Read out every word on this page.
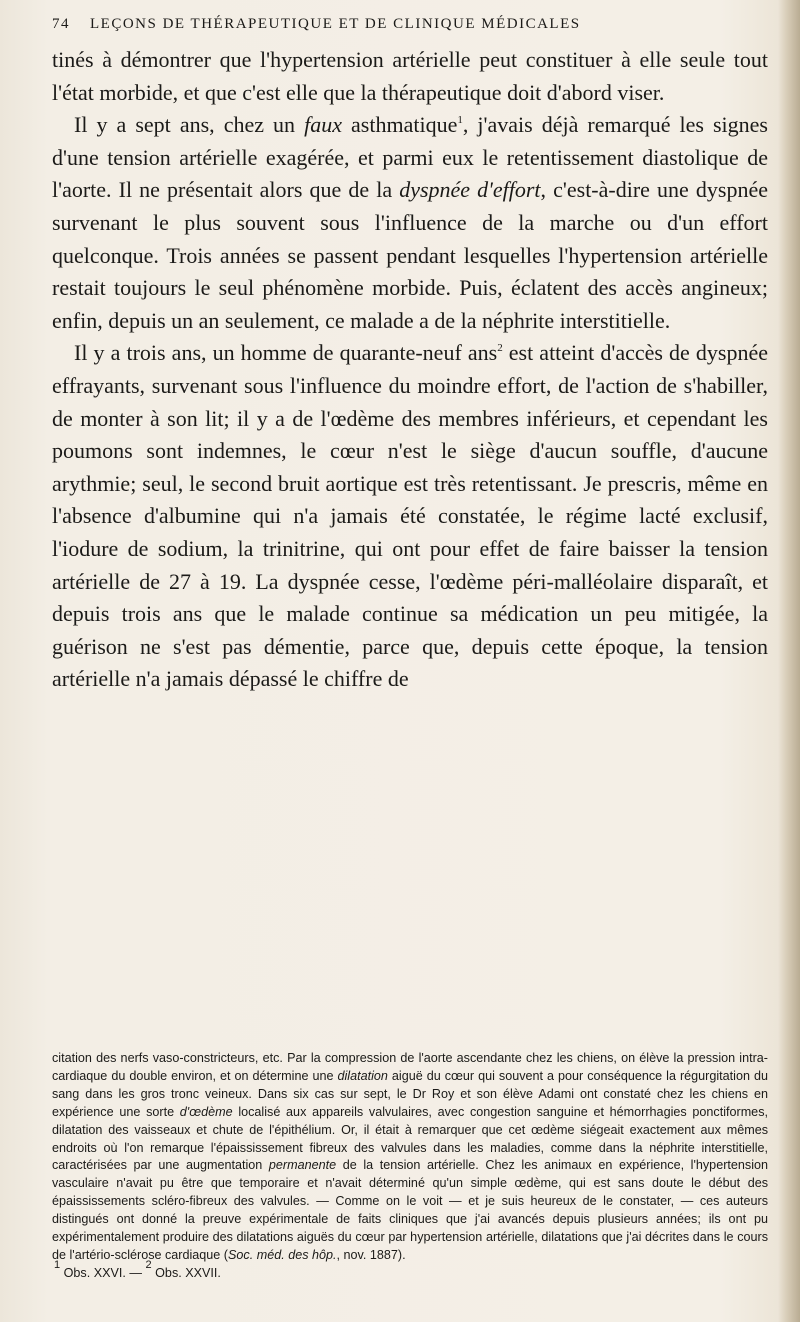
74 LEÇONS DE THÉRAPEUTIQUE ET DE CLINIQUE MÉDICALES

tinés à démontrer que l'hypertension artérielle peut constituer à elle seule tout l'état morbide, et que c'est elle que la thérapeutique doit d'abord viser.

Il y a sept ans, chez un faux asthmatique$^1$, j'avais déjà remarqué les signes d'une tension artérielle exagérée, et parmi eux le retentissement diastolique de l'aorte. Il ne présentait alors que de la dyspnée d'effort, c'est-à-dire une dyspnée survenant le plus souvent sous l'influence de la marche ou d'un effort quelconque. Trois années se passent pendant lesquelles l'hypertension artérielle restait toujours le seul phénomène morbide. Puis, éclatent des accès angineux; enfin, depuis un an seulement, ce malade a de la néphrite interstitielle.

Il y a trois ans, un homme de quarante-neuf ans$^2$ est atteint d'accès de dyspnée effrayants, survenant sous l'influence du moindre effort, de l'action de s'habiller, de monter à son lit; il y a de l'œdème des membres inférieurs, et cependant les poumons sont indemnes, le cœur n'est le siège d'aucun souffle, d'aucune arythmie; seul, le second bruit aortique est très retentissant. Je prescris, même en l'absence d'albumine qui n'a jamais été constatée, le régime lacté exclusif, l'iodure de sodium, la trinitrine, qui ont pour effet de faire baisser la tension artérielle de 27 à 19. La dyspnée cesse, l'œdème péri-malléolaire disparaît, et depuis trois ans que le malade continue sa médication un peu mitigée, la guérison ne s'est pas démentie, parce que, depuis cette époque, la tension artérielle n'a jamais dépassé le chiffre de

citation des nerfs vaso-constricteurs, etc. Par la compression de l'aorte ascendante chez les chiens, on élève la pression intra-cardiaque du double environ, et on détermine une dilatation aiguë du cœur qui souvent a pour conséquence la régurgitation du sang dans les gros tronc veineux. Dans six cas sur sept, le Dr Roy et son élève Adami ont constaté chez les chiens en expérience une sorte d'œdème localisé aux appareils valvulaires, avec congestion sanguine et hémorrhagies ponctiformes, dilatation des vaisseaux et chute de l'épithélium. Or, il était à remarquer que cet œdème siégeait exactement aux mêmes endroits où l'on remarque l'épaississement fibreux des valvules dans les maladies, comme dans la néphrite interstitielle, caractérisées par une augmentation permanente de la tension artérielle. Chez les animaux en expérience, l'hypertension vasculaire n'avait pu être que temporaire et n'avait déterminé qu'un simple œdème, qui est sans doute le début des épaississements scléro-fibreux des valvules. — Comme on le voit — et je suis heureux de le constater, — ces auteurs distingués ont donné la preuve expérimentale de faits cliniques que j'ai avancés depuis plusieurs années; ils ont pu expérimentalement produire des dilatations aiguës du cœur par hypertension artérielle, dilatations que j'ai décrites dans le cours de l'artério-sclérose cardiaque (Soc. méd. des hôp., nov. 1887).

$^1$ Obs. XXVI. — $^2$ Obs. XXVII.
